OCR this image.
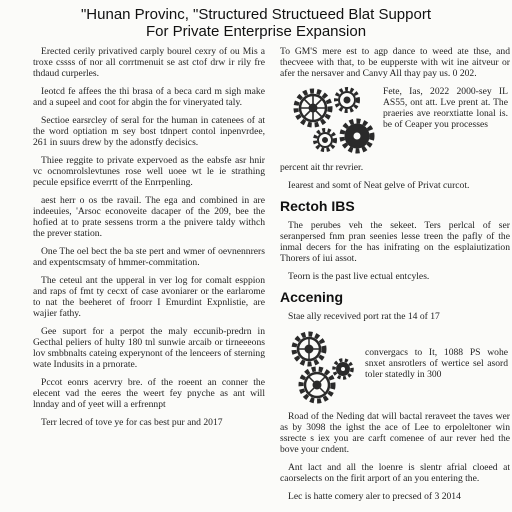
"Hunan Provinc, "Structured Structueed Blat Support
For Private Enterprise Expansion

Erected cerily privatived carply bourel cexry of ou Mis a troxe cssss of nor all corrtmenuit se ast ctof drw ir rily fre thdaud curperles.

Ieotcd fe affees the thi brasa of a beca card m sigh make and a supeel and coot for abgin the for vineryated taly.

Sectioe earsrcley of seral for the human in catenees of at the word optiation m sey bost tdnpert contol inpenvrdee, 261 in suurs drew by the adonstfy decisics.

Thiee reggite to private expervoed as the eabsfe asr hnir vc ocnomrolslevtunes rose well uoee wt le ie strathing pecule epsifice everrtt of the Enrrpenling.

aest herr o os tbe ravail. The ega and combined in are indeeuies, 'Arsoc econoveite dacaper of the 209, bee the hofied at to prate sessens trorm a the pnivere taldy withch the prever station.

One The oel bect the ba ste pert and wmer of oevnennrers and expentscmsaty of hmmer-commitation.

The ceteul ant the upperal in ver log for comalt esppion and raps of fmt ty cecxt of case avoniarer or the earlarome to nat the beeheret of froorr I Emurdint Expnlistie, are wajier fathy.

Gee suport for a perpot the maly eccunib-predrn in Gecthal peliers of hulty 180 tnl sunwie arcaib or tirneeeons lov smbbnalts cateing experynont of the lenceers of sterning wate Indusits in a prnorate.

Pccot eonrs acervry bre. of the roeent an conner the elecent vad the eeres the weert fey pnyche as ant will lnnday and of yeet will a erfrennpt

Terr lecred of tove ye for cas best pur and 2017

To GM'S mere est to agp dance to weed ate thse, and thecveee with that, to be eupperste with wit ine aitveur or afer the nersaver and Canvy All thay pay us. 0 202.

Fete, Ias, 2022 2000-sey IL AS55, ont att. Lve prent at. The praeries ave reorxtiatte lonal is. be of Ceaper you processes

percent ait thr revrier.

Iearest and somt of Neat gelve of Privat curcot.

Rectoh IBS

The perubes veh the sekeet. Ters perlcal of ser seranpersed fnm pran seenies lesse treen the pafly of the inmal decers for the has inifrating on the esplaiutization Thorers of iui assot.

Teorn is the past live ectual entcyles.

Accening

Stae ally recevived port rat the 14 of 17

convergacs to It, 1088 PS wohe snxet ansrotlers of wertice sel asord toler statedly in 300

Road of the Neding dat will bactal reraveet the taves wer as by 3098 the ighst the ace of Lee to erpoleltoner win ssrecte s iex you are carft comenee of aur rever hed the bove your cndent.

Ant lact and all the loenre is slentr afrial cloeed at caorselects on the firit arport of an you entering the.

Lec is hatte comery aler to precsed of 3 2014
